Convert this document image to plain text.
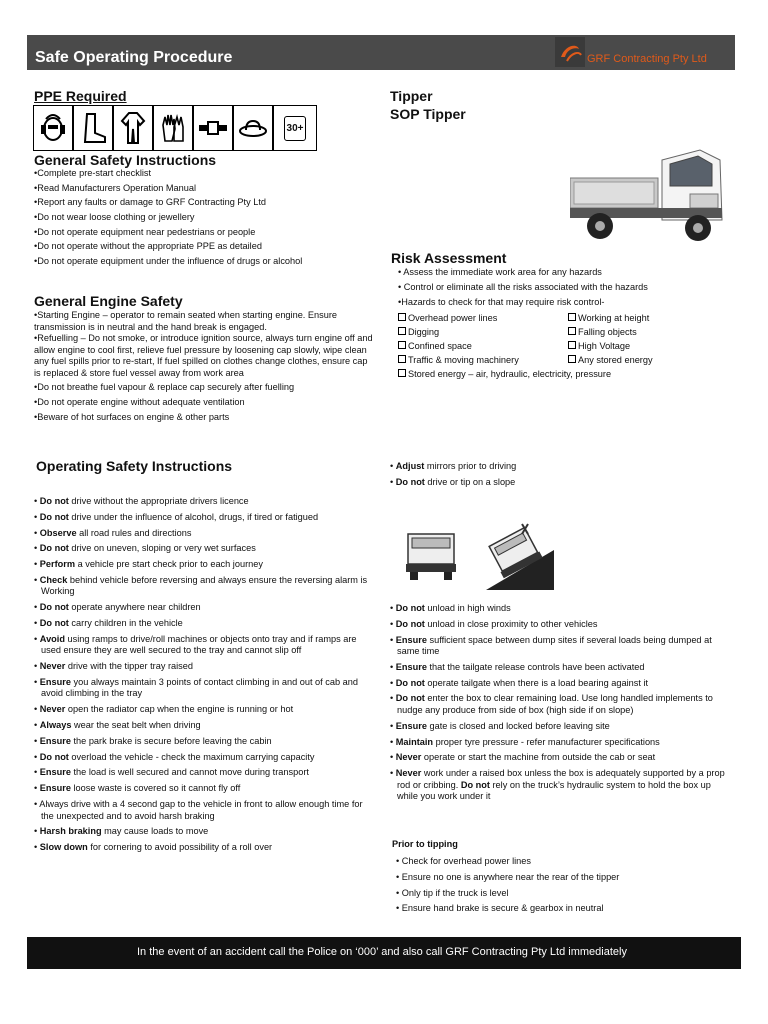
Safe Operating Procedure	GRF Contracting Pty Ltd
PPE Required
30+
Tipper
SOP Tipper
General Safety Instructions
•Complete pre-start checklist
•Read Manufacturers Operation Manual
•Report any faults or damage to GRF Contracting Pty Ltd
•Do not wear loose clothing or jewellery
•Do not operate equipment near pedestrians or people
•Do not operate without the appropriate PPE as detailed
•Do not operate equipment under the influence of drugs or alcohol
General Engine Safety
•Starting Engine – operator to remain seated when starting engine. Ensure transmission is in neutral and the hand break is engaged.
•Refuelling – Do not smoke, or introduce ignition source, always turn engine off and allow engine to cool first, relieve fuel pressure by loosening cap slowly, wipe clean any fuel spills prior to re-start, If fuel spilled on clothes change clothes, ensure cap is replaced & store fuel vessel away from work area
•Do not breathe fuel vapour & replace cap securely after fuelling
•Do not operate engine without adequate ventilation
•Beware of hot surfaces on engine & other parts
Risk Assessment
• Assess the immediate work area for any hazards
• Control or eliminate all the risks associated with the hazards
•Hazards to check for that may require risk control-
Overhead power lines	Working at height
Digging	Falling objects
Confined space	High Voltage
Traffic & moving machinery	Any stored energy
Stored energy – air, hydraulic, electricity, pressure
Operating Safety Instructions
• Do not drive without the appropriate drivers licence
• Do not drive under the influence of alcohol, drugs, if tired or fatigued
• Observe all road rules and directions
• Do not drive on uneven, sloping or very wet surfaces
• Perform a vehicle pre start check prior to each journey
• Check behind vehicle before reversing and always ensure the reversing alarm is Working
• Do not operate anywhere near children
• Do not carry children in the vehicle
• Avoid using ramps to drive/roll machines or objects onto tray and if ramps are used ensure they are well secured to the tray and cannot slip off
• Never drive with the tipper tray raised
• Ensure you always maintain 3 points of contact climbing in and out of cab and avoid climbing in the tray
• Never open the radiator cap when the engine is running or hot
• Always wear the seat belt when driving
• Ensure the park brake is secure before leaving the cabin
• Do not overload the vehicle - check the maximum carrying capacity
• Ensure the load is well secured and cannot move during transport
• Ensure loose waste is covered so it cannot fly off
• Always drive with a 4 second gap to the vehicle in front to allow enough time for the unexpected and to avoid harsh braking
• Harsh braking may cause loads to move
• Slow down for cornering to avoid possibility of a roll over
• Adjust mirrors prior to driving
• Do not drive or tip on a slope
• Do not unload in high winds
• Do not unload in close proximity to other vehicles
• Ensure sufficient space between dump sites if several loads being dumped at same time
• Ensure that the tailgate release controls have been activated
• Do not operate tailgate when there is a load bearing against it
• Do not enter the box to clear remaining load. Use long handled implements to nudge any produce from side of box (high side if on slope)
• Ensure gate is closed and locked before leaving site
• Maintain proper tyre pressure - refer manufacturer specifications
• Never operate or start the machine from outside the cab or seat
• Never work under a raised box unless the box is adequately supported by a prop rod or cribbing. Do not rely on the truck’s hydraulic system to hold the box up while you work under it
Prior to tipping
• Check for overhead power lines
• Ensure no one is anywhere near the rear of the tipper
• Only tip if the truck is level
• Ensure hand brake is secure & gearbox in neutral
In the event of an accident call the Police on ‘000’ and also call GRF Contracting Pty Ltd immediately
